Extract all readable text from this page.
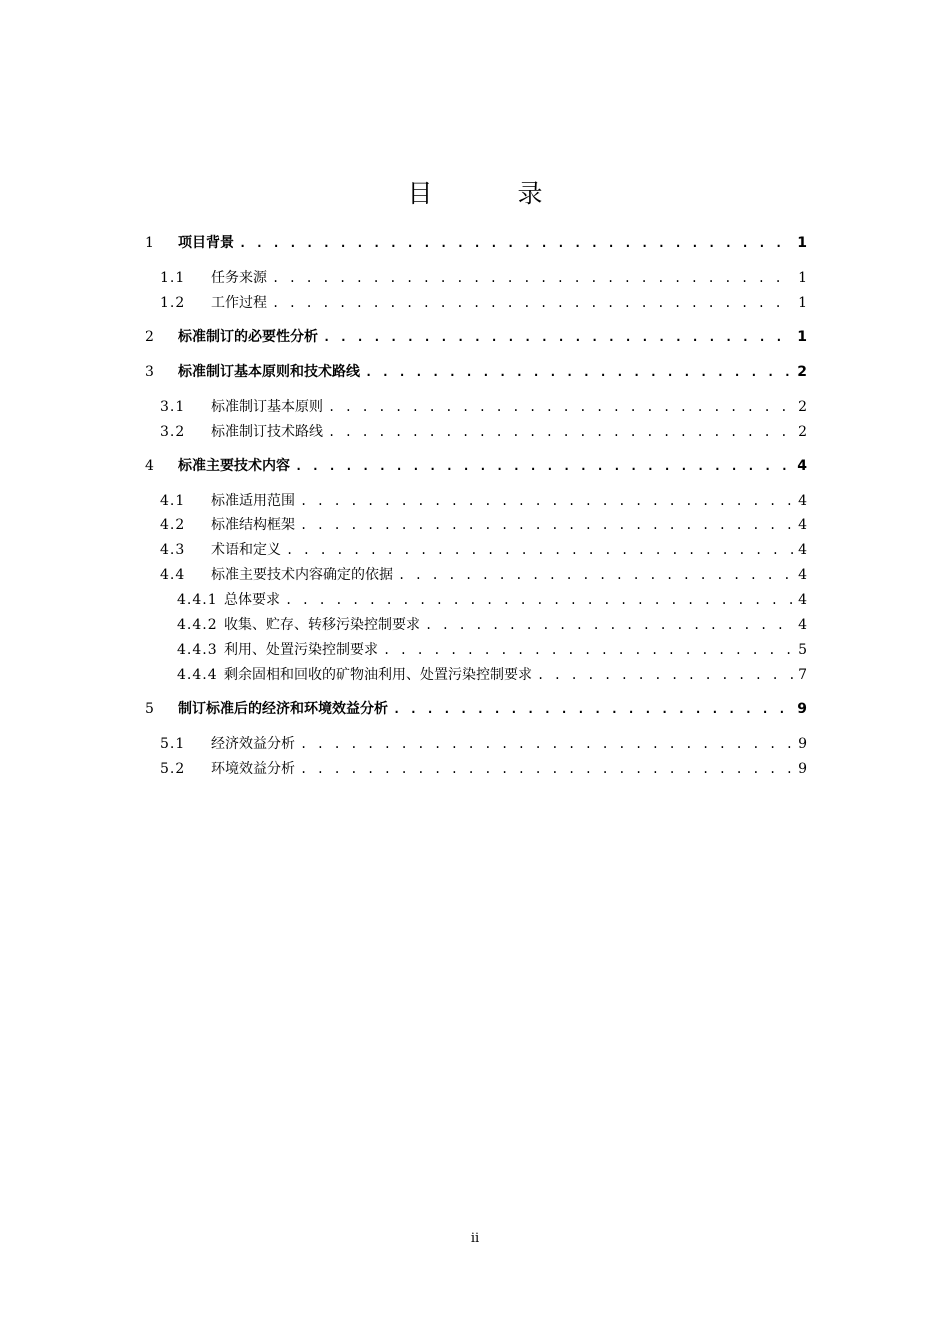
目　录
1	项目背景 . . .	1
1.1	任务来源 . . .	1
1.2	工作过程 . . .	1
2	标准制订的必要性分析 . . .	1
3	标准制订基本原则和技术路线 . . .	2
3.1	标准制订基本原则 . . .	2
3.2	标准制订技术路线 . . .	2
4	标准主要技术内容 . . .	4
4.1	标准适用范围 . . .	4
4.2	标准结构框架 . . .	4
4.3	术语和定义 . . .	4
4.4	标准主要技术内容确定的依据 . . .	4
4.4.1 总体要求 . . .	4
4.4.2 收集、贮存、转移污染控制要求 . . .	4
4.4.3 利用、处置污染控制要求 . . .	5
4.4.4 剩余固相和回收的矿物油利用、处置污染控制要求 . . .	7
5	制订标准后的经济和环境效益分析 . . .	9
5.1	经济效益分析 . . .	9
5.2	环境效益分析 . . .	9
ii
